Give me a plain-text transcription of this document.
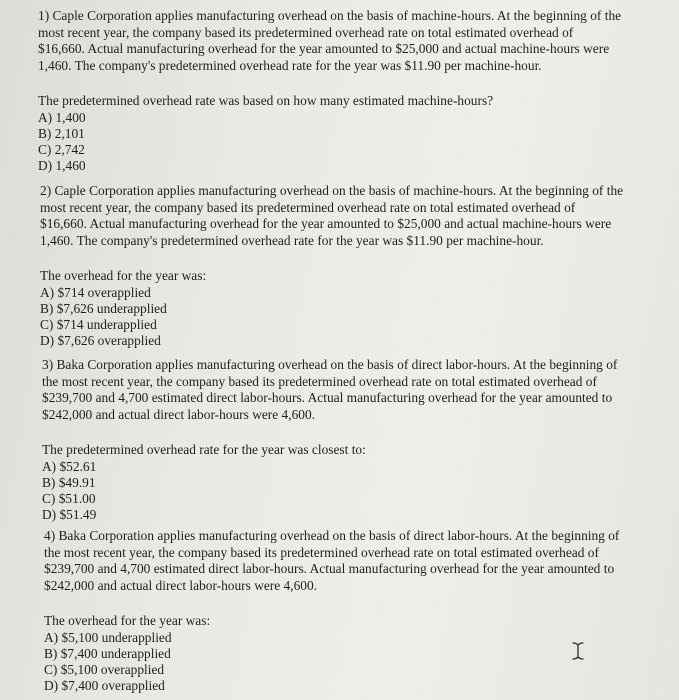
1) Caple Corporation applies manufacturing overhead on the basis of machine-hours. At the beginning of the most recent year, the company based its predetermined overhead rate on total estimated overhead of $16,660. Actual manufacturing overhead for the year amounted to $25,000 and actual machine-hours were 1,460. The company's predetermined overhead rate for the year was $11.90 per machine-hour.

The predetermined overhead rate was based on how many estimated machine-hours?

A) 1,400
B) 2,101
C) 2,742
D) 1,460

2) Caple Corporation applies manufacturing overhead on the basis of machine-hours. At the beginning of the most recent year, the company based its predetermined overhead rate on total estimated overhead of $16,660. Actual manufacturing overhead for the year amounted to $25,000 and actual machine-hours were 1,460. The company's predetermined overhead rate for the year was $11.90 per machine-hour.

The overhead for the year was:

A) $714 overapplied
B) $7,626 underapplied
C) $714 underapplied
D) $7,626 overapplied

3) Baka Corporation applies manufacturing overhead on the basis of direct labor-hours. At the beginning of the most recent year, the company based its predetermined overhead rate on total estimated overhead of $239,700 and 4,700 estimated direct labor-hours. Actual manufacturing overhead for the year amounted to $242,000 and actual direct labor-hours were 4,600.

The predetermined overhead rate for the year was closest to:

A) $52.61
B) $49.91
C) $51.00
D) $51.49

4) Baka Corporation applies manufacturing overhead on the basis of direct labor-hours. At the beginning of the most recent year, the company based its predetermined overhead rate on total estimated overhead of $239,700 and 4,700 estimated direct labor-hours. Actual manufacturing overhead for the year amounted to $242,000 and actual direct labor-hours were 4,600.

The overhead for the year was:

A) $5,100 underapplied
B) $7,400 underapplied
C) $5,100 overapplied
D) $7,400 overapplied
